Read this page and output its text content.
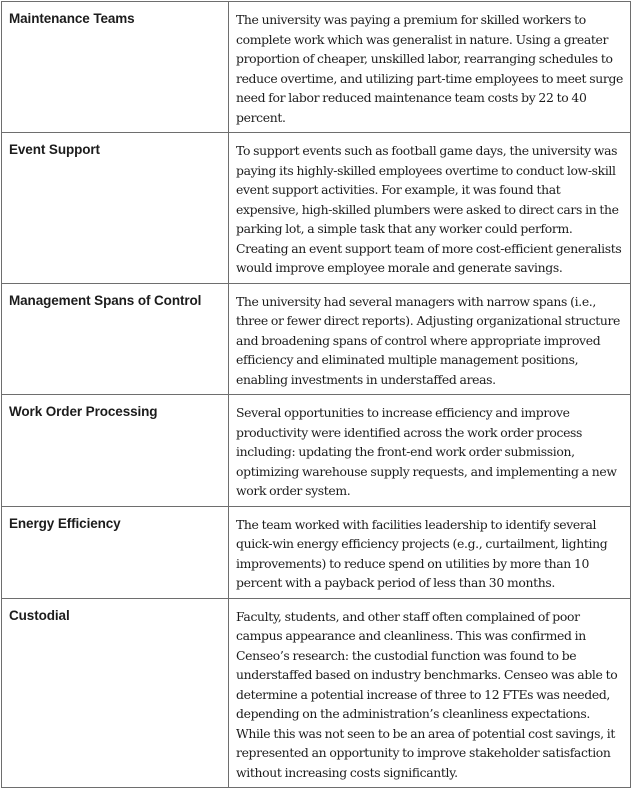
Maintenance Teams	The university was paying a premium for skilled workers to complete work which was generalist in nature. Using a greater proportion of cheaper, unskilled labor, rearranging schedules to reduce overtime, and utilizing part-time employees to meet surge need for labor reduced maintenance team costs by 22 to 40 percent.
Event Support	To support events such as football game days, the university was paying its highly-skilled employees overtime to conduct low-skill event support activities. For example, it was found that expensive, high-skilled plumbers were asked to direct cars in the parking lot, a simple task that any worker could perform. Creating an event support team of more cost-efficient generalists would improve employee morale and generate savings.
Management Spans of Control	The university had several managers with narrow spans (i.e., three or fewer direct reports). Adjusting organizational structure and broadening spans of control where appropriate improved efficiency and eliminated multiple management positions, enabling investments in understaffed areas.
Work Order Processing	Several opportunities to increase efficiency and improve productivity were identified across the work order process including: updating the front-end work order submission, optimizing warehouse supply requests, and implementing a new work order system.
Energy Efficiency	The team worked with facilities leadership to identify several quick-win energy efficiency projects (e.g., curtailment, lighting improvements) to reduce spend on utilities by more than 10 percent with a payback period of less than 30 months.
Custodial	Faculty, students, and other staff often complained of poor campus appearance and cleanliness. This was confirmed in Censeo’s research: the custodial function was found to be understaffed based on industry benchmarks. Censeo was able to determine a potential increase of three to 12 FTEs was needed, depending on the administration’s cleanliness expectations. While this was not seen to be an area of potential cost savings, it represented an opportunity to improve stakeholder satisfaction without increasing costs significantly.
